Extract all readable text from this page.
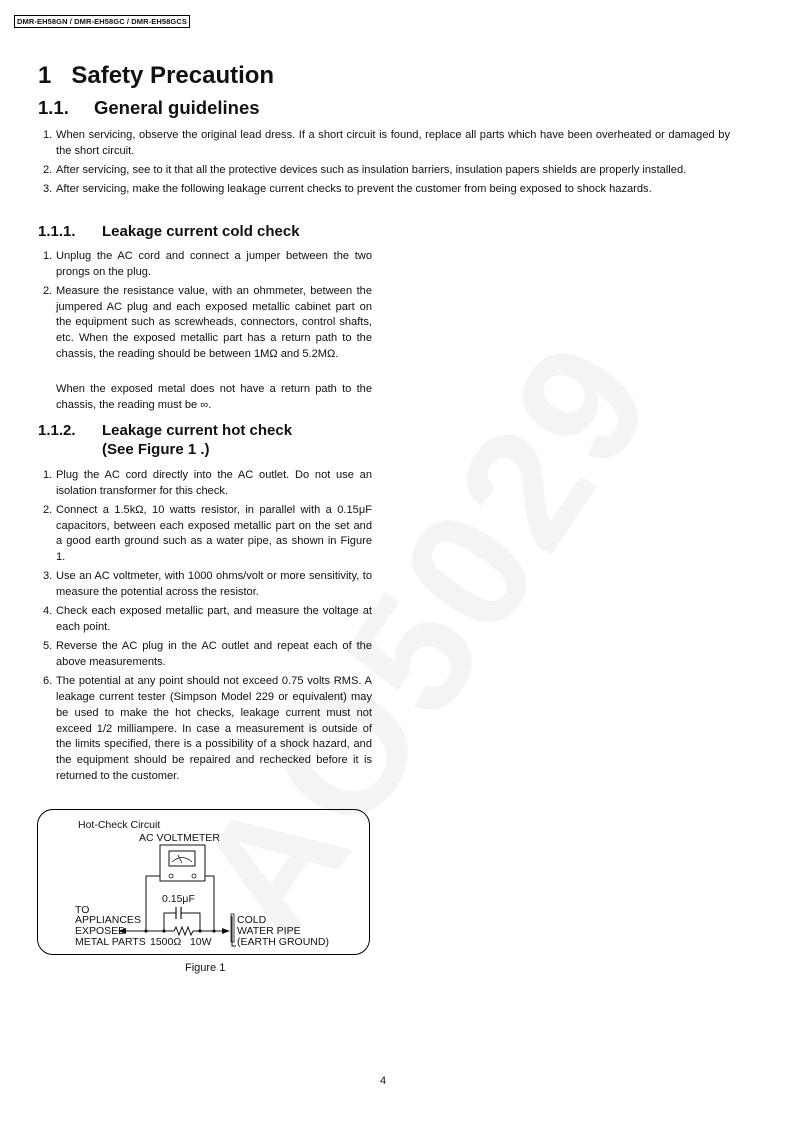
DMR-EH58GN / DMR-EH58GC / DMR-EH58GCS
1   Safety Precaution
1.1. General guidelines
1. When servicing, observe the original lead dress. If a short circuit is found, replace all parts which have been overheated or damaged by the short circuit.
2. After servicing, see to it that all the protective devices such as insulation barriers, insulation papers shields are properly installed.
3. After servicing, make the following leakage current checks to prevent the customer from being exposed to shock hazards.
1.1.1. Leakage current cold check
1. Unplug the AC cord and connect a jumper between the two prongs on the plug.
2. Measure the resistance value, with an ohmmeter, between the jumpered AC plug and each exposed metallic cabinet part on the equipment such as screwheads, connectors, control shafts, etc. When the exposed metallic part has a return path to the chassis, the reading should be between 1MΩ and 5.2MΩ.
When the exposed metal does not have a return path to the chassis, the reading must be ∞.
1.1.2. Leakage current hot check
(See Figure 1 .)
1. Plug the AC cord directly into the AC outlet. Do not use an isolation transformer for this check.
2. Connect a 1.5kΩ, 10 watts resistor, in parallel with a 0.15μF capacitors, between each exposed metallic part on the set and a good earth ground such as a water pipe, as shown in Figure 1.
3. Use an AC voltmeter, with 1000 ohms/volt or more sensitivity, to measure the potential across the resistor.
4. Check each exposed metallic part, and measure the voltage at each point.
5. Reverse the AC plug in the AC outlet and repeat each of the above measurements.
6. The potential at any point should not exceed 0.75 volts RMS. A leakage current tester (Simpson Model 229 or equivalent) may be used to make the hot checks, leakage current must not exceed 1/2 milliampere. In case a measurement is outside of the limits specified, there is a possibility of a shock hazard, and the equipment should be repaired and rechecked before it is returned to the customer.
Hot-Check Circuit
AC VOLTMETER
0.15μF
TO
APPLIANCES
EXPOSED
METAL PARTS 1500Ω   10W
COLD
WATER PIPE
(EARTH GROUND)
Figure 1
4
